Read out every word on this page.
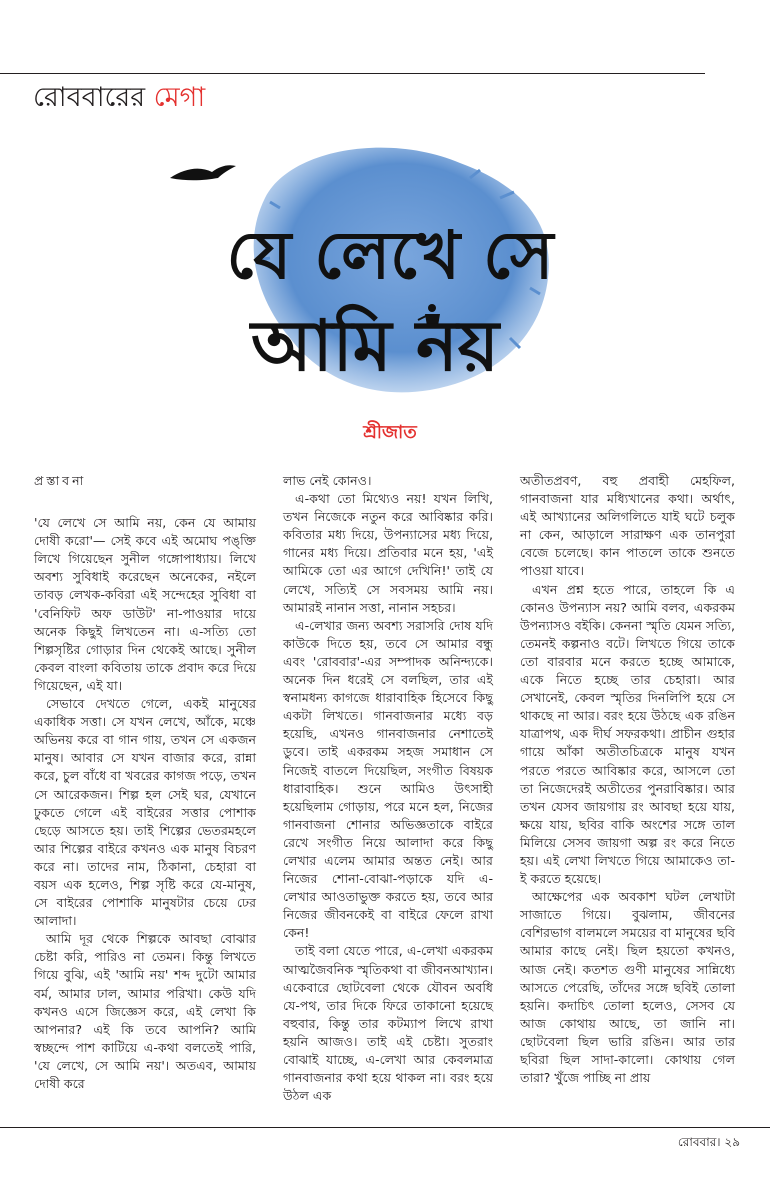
রোববারের মেগা
যে লেখে সে
আমি নয়
শ্রীজাত

প্রস্তাবনা

'যে লেখে সে আমি নয়, কেন যে আমায় দোষী করো'— সেই কবে এই অমোঘ পঙ্‌ক্তি লিখে গিয়েছেন সুনীল গঙ্গোপাধ্যায়। লিখে অবশ্য সুবিধাই করেছেন অনেকের, নইলে তাবড় লেখক-কবিরা এই সন্দেহের সুবিধা বা 'বেনিফিট অফ ডাউট' না-পাওয়ার দায়ে অনেক কিছুই লিখতেন না। এ-সত্যি তো শিল্পসৃষ্টির গোড়ার দিন থেকেই আছে। সুনীল কেবল বাংলা কবিতায় তাকে প্রবাদ করে দিয়ে গিয়েছেন, এই যা।

সেভাবে দেখতে গেলে, একই মানুষের একাধিক সত্তা। সে যখন লেখে, আঁকে, মঞ্চে অভিনয় করে বা গান গায়, তখন সে একজন মানুষ। আবার সে যখন বাজার করে, রান্না করে, চুল বাঁধে বা খবরের কাগজ পড়ে, তখন সে আরেকজন। শিল্প হল সেই ঘর, যেখানে ঢুকতে গেলে এই বাইরের সত্তার পোশাক ছেড়ে আসতে হয়। তাই শিল্পের ভেতরমহলে আর শিল্পের বাইরে কখনও এক মানুষ বিচরণ করে না। তাদের নাম, ঠিকানা, চেহারা বা বয়স এক হলেও, শিল্প সৃষ্টি করে যে-মানুষ, সে বাইরের পোশাকি মানুষটার চেয়ে ঢের আলাদা।

আমি দূর থেকে শিল্পকে আবছা বোঝার চেষ্টা করি, পারিও না তেমন। কিন্তু লিখতে গিয়ে বুঝি, এই 'আমি নয়' শব্দ দুটো আমার বর্ম, আমার ঢাল, আমার পরিখা। কেউ যদি কখনও এসে জিজ্ঞেস করে, এই লেখা কি আপনার? এই কি তবে আপনি? আমি স্বচ্ছন্দে পাশ কাটিয়ে এ-কথা বলতেই পারি, 'যে লেখে, সে আমি নয়'। অতএব, আমায় দোষী করে

লাভ নেই কোনও।

এ-কথা তো মিথ্যেও নয়! যখন লিখি, তখন নিজেকে নতুন করে আবিষ্কার করি। কবিতার মধ্য দিয়ে, উপন্যাসের মধ্য দিয়ে, গানের মধ্য দিয়ে। প্রতিবার মনে হয়, 'এই আমিকে তো এর আগে দেখিনি!' তাই যে লেখে, সত্যিই সে সবসময় আমি নয়। আমারই নানান সত্তা, নানান সহচর।

এ-লেখার জন্য অবশ্য সরাসরি দোষ যদি কাউকে দিতে হয়, তবে সে আমার বন্ধু এবং 'রোববার'-এর সম্পাদক অনিন্দ্যকে। অনেক দিন ধরেই সে বলছিল, তার এই স্বনামধন্য কাগজে ধারাবাহিক হিসেবে কিছু একটা লিখতে। গানবাজনার মধ্যে বড় হয়েছি, এখনও গানবাজনার নেশাতেই ডুবে। তাই একরকম সহজ সমাধান সে নিজেই বাতলে দিয়েছিল, সংগীত বিষয়ক ধারাবাহিক। শুনে আমিও উৎসাহী হয়েছিলাম গোড়ায়, পরে মনে হল, নিজের গানবাজনা শোনার অভিজ্ঞতাকে বাইরে রেখে সংগীত নিয়ে আলাদা করে কিছু লেখার এলেম আমার অন্তত নেই। আর নিজের শোনা-বোঝা-পড়াকে যদি এ-লেখার আওতাভুক্ত করতে হয়, তবে আর নিজের জীবনকেই বা বাইরে ফেলে রাখা কেন!

তাই বলা যেতে পারে, এ-লেখা একরকম আত্মজৈবনিক স্মৃতিকথা বা জীবনআখ্যান। একেবারে ছোটবেলা থেকে যৌবন অবধি যে-পথ, তার দিকে ফিরে তাকানো হয়েছে বহুবার, কিন্তু তার কটম্যাপ লিখে রাখা হয়নি আজও। তাই এই চেষ্টা। সুতরাং বোঝাই যাচ্ছে, এ-লেখা আর কেবলমাত্র গানবাজনার কথা হয়ে থাকল না। বরং হয়ে উঠল এক

অতীতপ্রবণ, বহু প্রবাহী মেহফিল, গানবাজনা যার মধ্যিখানের কথা। অর্থাৎ, এই আখ্যানের অলিগলিতে যাই ঘটে চলুক না কেন, আড়ালে সারাক্ষণ এক তানপুরা বেজে চলেছে। কান পাতলে তাকে শুনতে পাওয়া যাবে।

এখন প্রশ্ন হতে পারে, তাহলে কি এ কোনও উপন্যাস নয়? আমি বলব, একরকম উপন্যাসও বইকি। কেননা স্মৃতি যেমন সত্যি, তেমনই কল্পনাও বটে। লিখতে গিয়ে তাকে তো বারবার মনে করতে হচ্ছে আমাকে, একে নিতে হচ্ছে তার চেহারা। আর সেখানেই, কেবল স্মৃতির দিনলিপি হয়ে সে থাকছে না আর। বরং হয়ে উঠছে এক রঙিন যাত্রাপথ, এক দীর্ঘ সফরকথা। প্রাচীন গুহার গায়ে আঁকা অতীতচিত্রকে মানুষ যখন পরতে পরতে আবিষ্কার করে, আসলে তো তা নিজেদেরই অতীতের পুনরাবিষ্কার। আর তখন যেসব জায়গায় রং আবছা হয়ে যায়, ক্ষয়ে যায়, ছবির বাকি অংশের সঙ্গে তাল মিলিয়ে সেসব জায়গা অল্প রং করে নিতে হয়। এই লেখা লিখতে গিয়ে আমাকেও তা-ই করতে হয়েছে।

আক্ষেপের এক অবকাশ ঘটল লেখাটা সাজাতে গিয়ে। বুঝলাম, জীবনের বেশিরভাগ বালমলে সময়ের বা মানুষের ছবি আমার কাছে নেই। ছিল হয়তো কখনও, আজ নেই। কতশত গুণী মানুষের সান্নিধ্যে আসতে পেরেছি, তাঁদের সঙ্গে ছবিই তোলা হয়নি। কদাচিৎ তোলা হলেও, সেসব যে আজ কোথায় আছে, তা জানি না। ছোটবেলা ছিল ভারি রঙিন। আর তার ছবিরা ছিল সাদা-কালো। কোথায় গেল তারা? খুঁজে পাচ্ছি না প্রায়

রোববার। ২৯
